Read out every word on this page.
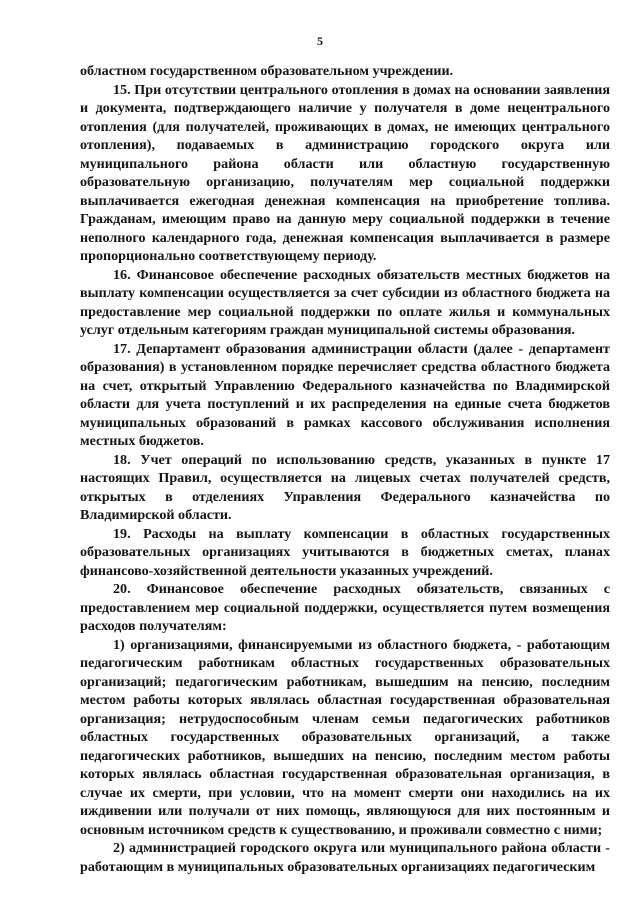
5

областном государственном образовательном учреждении.

15. При отсутствии центрального отопления в домах на основании заявления и документа, подтверждающего наличие у получателя в доме нецентрального отопления (для получателей, проживающих в домах, не имеющих центрального отопления), подаваемых в администрацию городского округа или муниципального района области или областную государственную образовательную организацию, получателям мер социальной поддержки выплачивается ежегодная денежная компенсация на приобретение топлива. Гражданам, имеющим право на данную меру социальной поддержки в течение неполного календарного года, денежная компенсация выплачивается в размере пропорционально соответствующему периоду.

16. Финансовое обеспечение расходных обязательств местных бюджетов на выплату компенсации осуществляется за счет субсидии из областного бюджета на предоставление мер социальной поддержки по оплате жилья и коммунальных услуг отдельным категориям граждан муниципальной системы образования.

17. Департамент образования администрации области (далее - департамент образования) в установленном порядке перечисляет средства областного бюджета на счет, открытый Управлению Федерального казначейства по Владимирской области для учета поступлений и их распределения на единые счета бюджетов муниципальных образований в рамках кассового обслуживания исполнения местных бюджетов.

18. Учет операций по использованию средств, указанных в пункте 17 настоящих Правил, осуществляется на лицевых счетах получателей средств, открытых в отделениях Управления Федерального казначейства по Владимирской области.

19. Расходы на выплату компенсации в областных государственных образовательных организациях учитываются в бюджетных сметах, планах финансово-хозяйственной деятельности указанных учреждений.

20. Финансовое обеспечение расходных обязательств, связанных с предоставлением мер социальной поддержки, осуществляется путем возмещения расходов получателям:

1) организациями, финансируемыми из областного бюджета, - работающим педагогическим работникам областных государственных образовательных организаций; педагогическим работникам, вышедшим на пенсию, последним местом работы которых являлась областная государственная образовательная организация; нетрудоспособным членам семьи педагогических работников областных государственных образовательных организаций, а также педагогических работников, вышедших на пенсию, последним местом работы которых являлась областная государственная образовательная организация, в случае их смерти, при условии, что на момент смерти они находились на их иждивении или получали от них помощь, являющуюся для них постоянным и основным источником средств к существованию, и проживали совместно с ними;

2) администрацией городского округа или муниципального района области - работающим в муниципальных образовательных организациях педагогическим
